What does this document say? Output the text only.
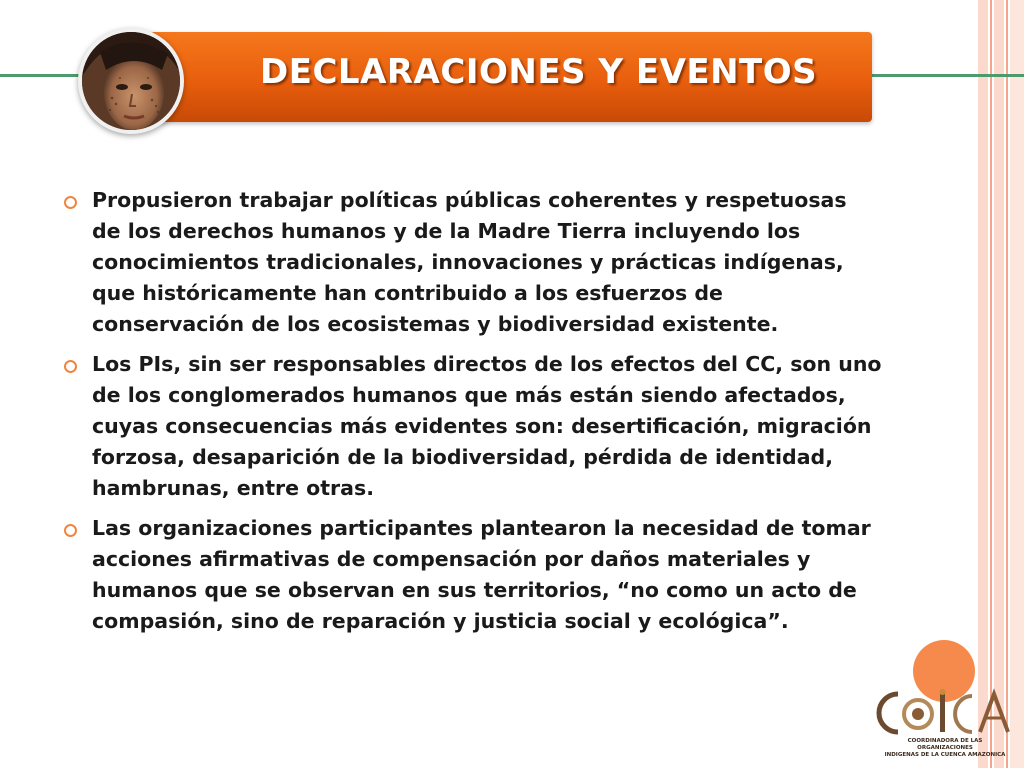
DECLARACIONES Y EVENTOS
Propusieron trabajar políticas públicas coherentes y respetuosas de los derechos humanos y de la Madre Tierra incluyendo los conocimientos tradicionales, innovaciones y prácticas indígenas, que históricamente han contribuido a los esfuerzos de conservación de los ecosistemas y biodiversidad existente.
Los PIs, sin ser responsables directos de los efectos del CC, son uno de los conglomerados humanos que más están siendo afectados, cuyas consecuencias más evidentes son: desertificación, migración forzosa, desaparición de la biodiversidad, pérdida de identidad, hambrunas, entre otras.
Las organizaciones participantes plantearon la necesidad de tomar acciones afirmativas de compensación por daños materiales y humanos que se observan en sus territorios, “no como un acto de compasión, sino de reparación y justicia social y ecológica”.
COORDINADORA DE LAS ORGANIZACIONES
INDIGENAS DE LA CUENCA AMAZONICA
